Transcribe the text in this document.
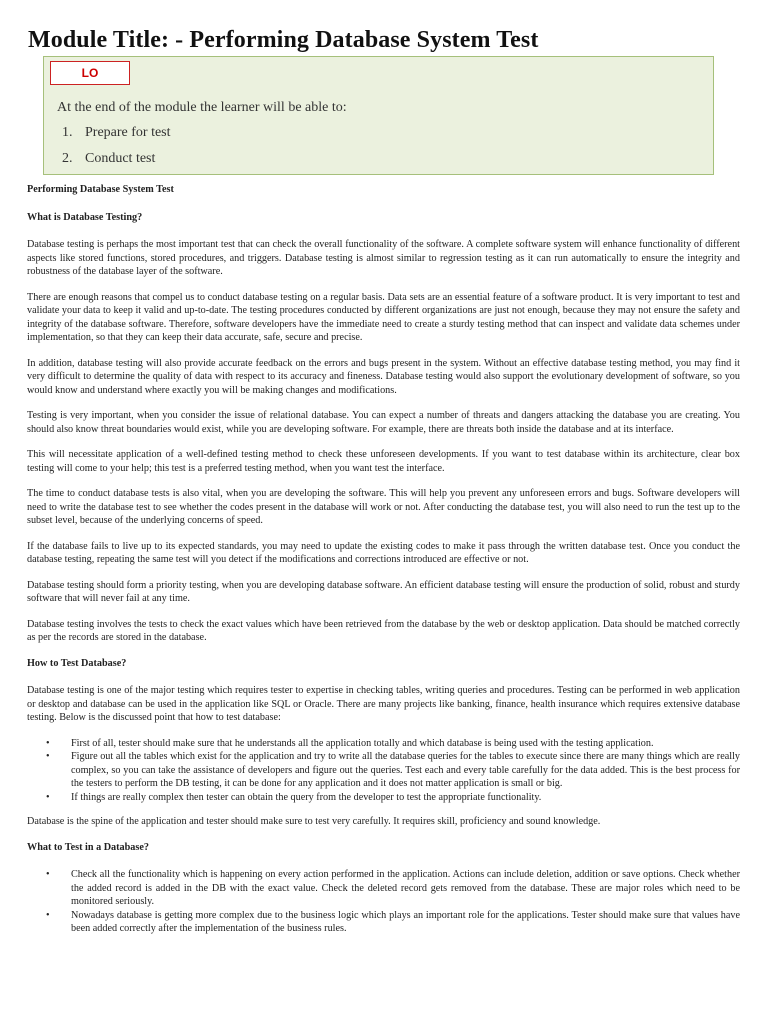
Module Title: - Performing Database System Test
LO
At the end of the module the learner will be able to:
1. Prepare for test
2. Conduct test
Performing Database System Test
What is Database Testing?

Database testing is perhaps the most important test that can check the overall functionality of the software. A complete software system will enhance functionality of different aspects like stored functions, stored procedures, and triggers. Database testing is almost similar to regression testing as it can run automatically to ensure the integrity and robustness of the database layer of the software.

There are enough reasons that compel us to conduct database testing on a regular basis. Data sets are an essential feature of a software product. It is very important to test and validate your data to keep it valid and up-to-date. The testing procedures conducted by different organizations are just not enough, because they may not ensure the safety and integrity of the database software. Therefore, software developers have the immediate need to create a sturdy testing method that can inspect and validate data schemes under implementation, so that they can keep their data accurate, safe, secure and precise.

In addition, database testing will also provide accurate feedback on the errors and bugs present in the system. Without an effective database testing method, you may find it very difficult to determine the quality of data with respect to its accuracy and fineness. Database testing would also support the evolutionary development of software, so you would know and understand where exactly you will be making changes and modifications.

Testing is very important, when you consider the issue of relational database. You can expect a number of threats and dangers attacking the database you are creating. You should also know threat boundaries would exist, while you are developing software. For example, there are threats both inside the database and at its interface.

This will necessitate application of a well-defined testing method to check these unforeseen developments. If you want to test database within its architecture, clear box testing will come to your help; this test is a preferred testing method, when you want test the interface.

The time to conduct database tests is also vital, when you are developing the software. This will help you prevent any unforeseen errors and bugs. Software developers will need to write the database test to see whether the codes present in the database will work or not. After conducting the database test, you will also need to run the test up to the subset level, because of the underlying concerns of speed.

If the database fails to live up to its expected standards, you may need to update the existing codes to make it pass through the written database test. Once you conduct the database testing, repeating the same test will you detect if the modifications and corrections introduced are effective or not.

Database testing should form a priority testing, when you are developing database software. An efficient database testing will ensure the production of solid, robust and sturdy software that will never fail at any time.

Database testing involves the tests to check the exact values which have been retrieved from the database by the web or desktop application. Data should be matched correctly as per the records are stored in the database.

How to Test Database?

Database testing is one of the major testing which requires tester to expertise in checking tables, writing queries and procedures. Testing can be performed in web application or desktop and database can be used in the application like SQL or Oracle. There are many projects like banking, finance, health insurance which requires extensive database testing. Below is the discussed point that how to test database:

• First of all, tester should make sure that he understands all the application totally and which database is being used with the testing application.
• Figure out all the tables which exist for the application and try to write all the database queries for the tables to execute since there are many things which are really complex, so you can take the assistance of developers and figure out the queries. Test each and every table carefully for the data added. This is the best process for the testers to perform the DB testing, it can be done for any application and it does not matter application is small or big.
• If things are really complex then tester can obtain the query from the developer to test the appropriate functionality.

Database is the spine of the application and tester should make sure to test very carefully. It requires skill, proficiency and sound knowledge.

What to Test in a Database?
• Check all the functionality which is happening on every action performed in the application. Actions can include deletion, addition or save options. Check whether the added record is added in the DB with the exact value. Check the deleted record gets removed from the database. These are major roles which need to be monitored seriously.
• Nowadays database is getting more complex due to the business logic which plays an important role for the applications. Tester should make sure that values have been added correctly after the implementation of the business rules.
